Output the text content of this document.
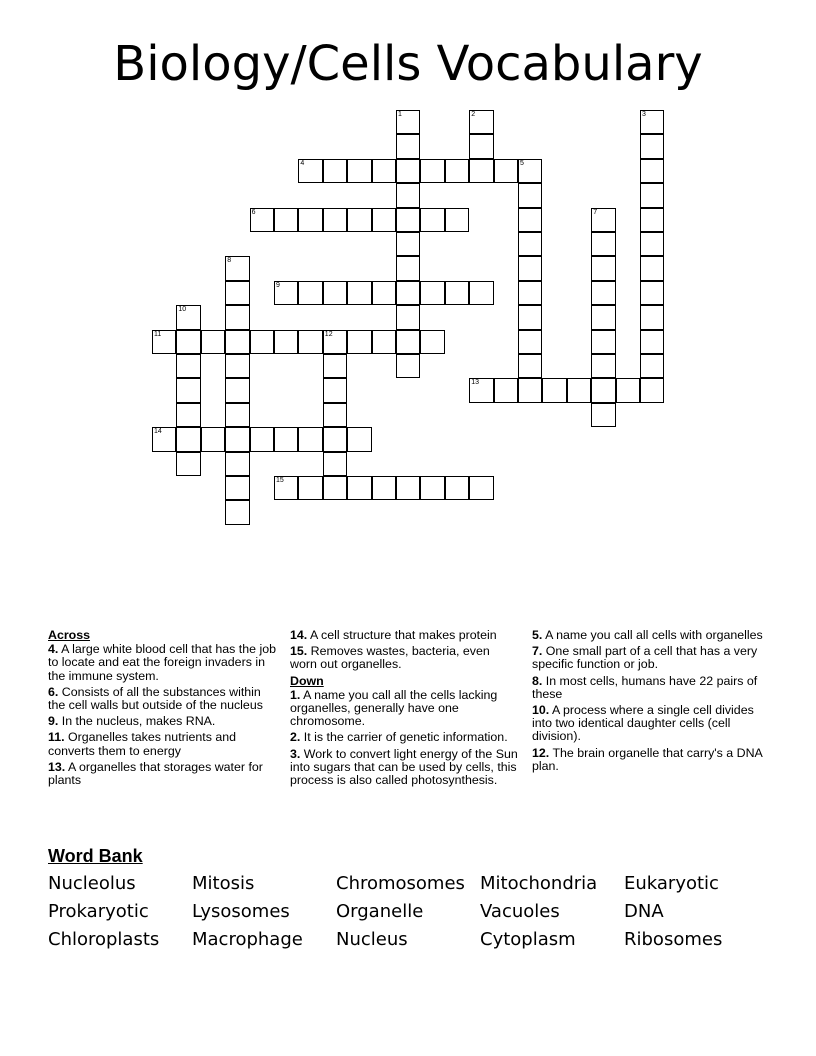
Biology/Cells Vocabulary
1	2	3
4	5
6	7
8
9
10
11	12
13
14
15
Across
4. A large white blood cell that has the job to locate and eat the foreign invaders in the immune system.
6. Consists of all the substances within the cell walls but outside of the nucleus
9. In the nucleus, makes RNA.
11. Organelles takes nutrients and converts them to energy
13. A organelles that storages water for plants
14. A cell structure that makes protein
15. Removes wastes, bacteria, even worn out organelles.
Down
1. A name you call all the cells lacking organelles, generally have one chromosome.
2. It is the carrier of genetic information.
3. Work to convert light energy of the Sun into sugars that can be used by cells, this process is also called photosynthesis.
5. A name you call all cells with organelles
7. One small part of a cell that has a very specific function or job.
8. In most cells, humans have 22 pairs of these
10. A process where a single cell divides into two identical daughter cells (cell division).
12. The brain organelle that carry's a DNA plan.
Word Bank
Nucleolus	Mitosis	Chromosomes Mitochondria Eukaryotic
Prokaryotic Lysosomes	Organelle	Vacuoles	DNA
Chloroplasts Macrophage Nucleus	Cytoplasm	Ribosomes
